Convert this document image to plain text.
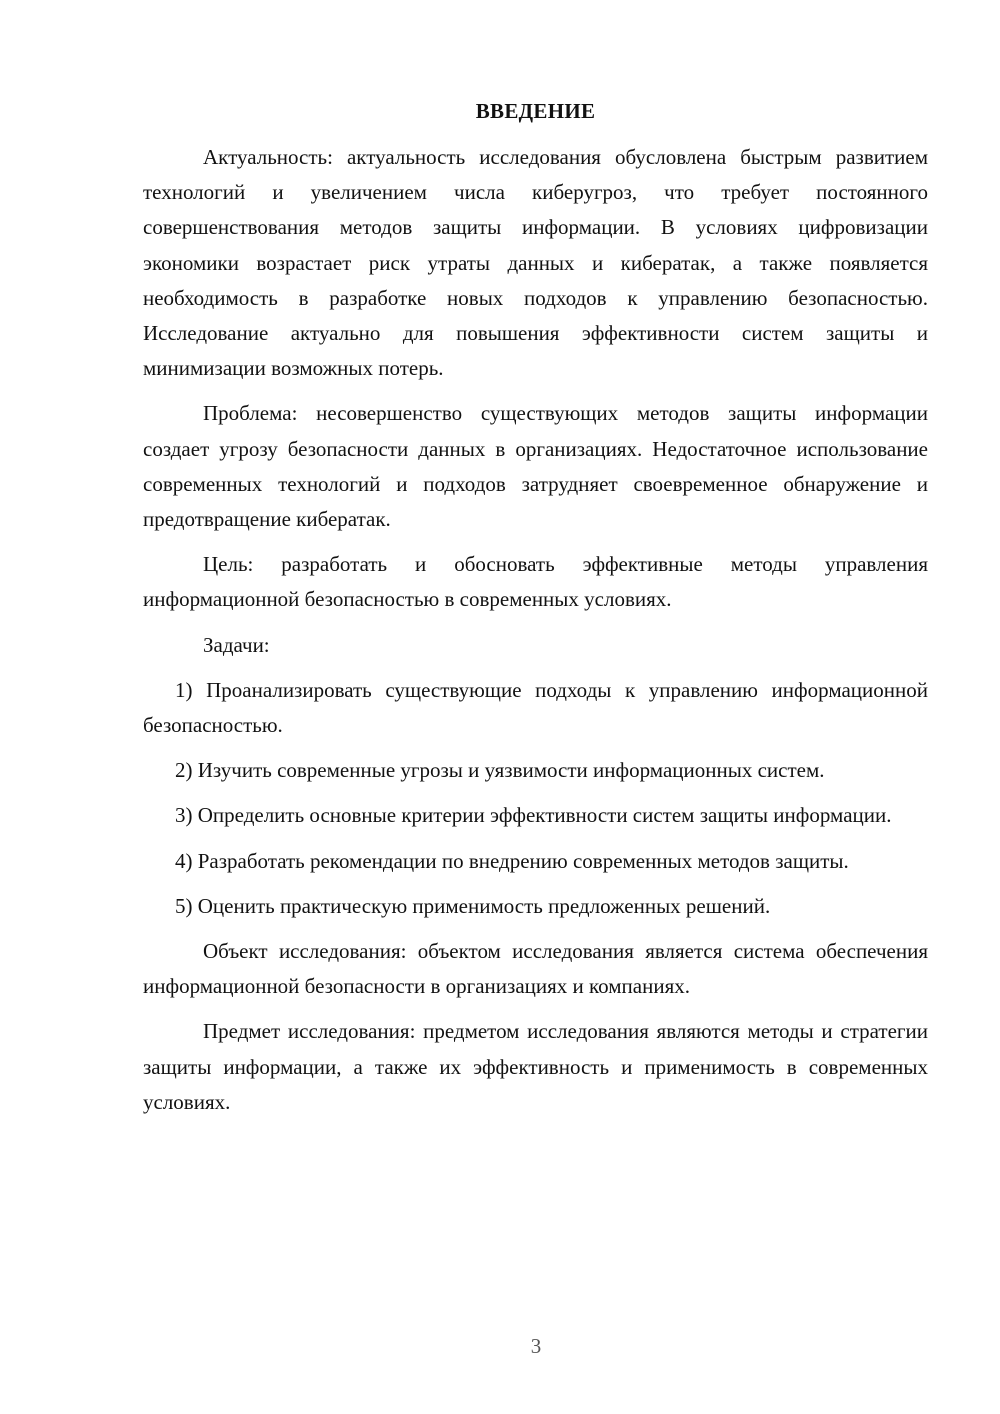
ВВЕДЕНИЕ

Актуальность: актуальность исследования обусловлена быстрым развитием технологий и увеличением числа киберугроз, что требует постоянного совершенствования методов защиты информации. В условиях цифровизации экономики возрастает риск утраты данных и кибератак, а также появляется необходимость в разработке новых подходов к управлению безопасностью. Исследование актуально для повышения эффективности систем защиты и минимизации возможных потерь.

Проблема: несовершенство существующих методов защиты информации создает угрозу безопасности данных в организациях. Недостаточное использование современных технологий и подходов затрудняет своевременное обнаружение и предотвращение кибератак.

Цель: разработать и обосновать эффективные методы управления информационной безопасностью в современных условиях.

Задачи:

1) Проанализировать существующие подходы к управлению информационной безопасностью.

2) Изучить современные угрозы и уязвимости информационных систем.

3) Определить основные критерии эффективности систем защиты информации.

4) Разработать рекомендации по внедрению современных методов защиты.

5) Оценить практическую применимость предложенных решений.

Объект исследования: объектом исследования является система обеспечения информационной безопасности в организациях и компаниях.

Предмет исследования: предметом исследования являются методы и стратегии защиты информации, а также их эффективность и применимость в современных условиях.

3
